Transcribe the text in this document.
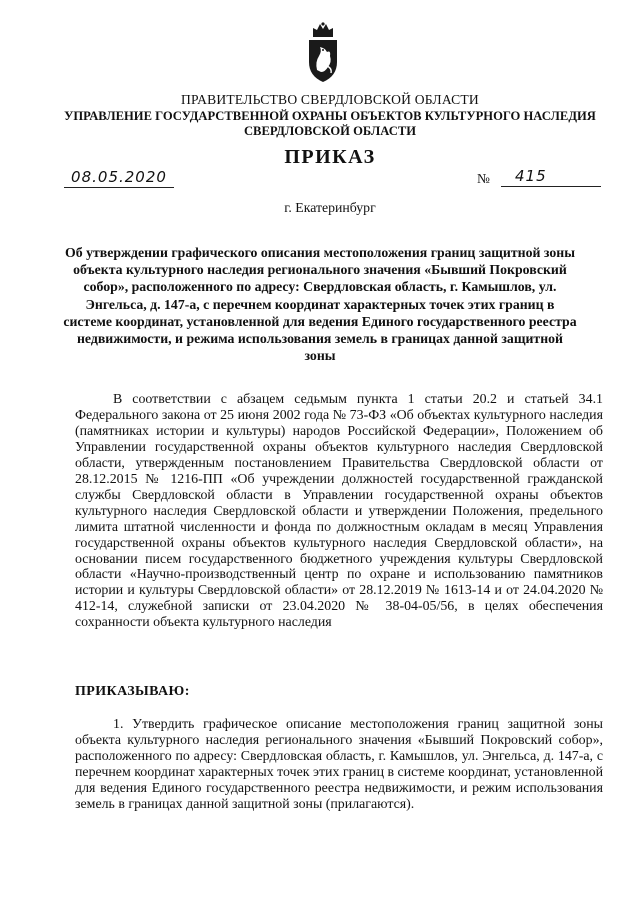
ПРАВИТЕЛЬСТВО СВЕРДЛОВСКОЙ ОБЛАСТИ
УПРАВЛЕНИЕ ГОСУДАРСТВЕННОЙ ОХРАНЫ ОБЪЕКТОВ КУЛЬТУРНОГО НАСЛЕДИЯ СВЕРДЛОВСКОЙ ОБЛАСТИ
ПРИКАЗ
08.05.2020	№	415
г. Екатеринбург
Об утверждении графического описания местоположения границ защитной зоны объекта культурного наследия регионального значения «Бывший Покровский собор», расположенного по адресу: Свердловская область, г. Камышлов, ул. Энгельса, д. 147-а, с перечнем координат характерных точек этих границ в системе координат, установленной для ведения Единого государственного реестра недвижимости, и режима использования земель в границах данной защитной зоны
В соответствии с абзацем седьмым пункта 1 статьи 20.2 и статьей 34.1 Федерального закона от 25 июня 2002 года № 73-ФЗ «Об объектах культурного наследия (памятниках истории и культуры) народов Российской Федерации», Положением об Управлении государственной охраны объектов культурного наследия Свердловской области, утвержденным постановлением Правительства Свердловской области от 28.12.2015 № 1216-ПП «Об учреждении должностей государственной гражданской службы Свердловской области в Управлении государственной охраны объектов культурного наследия Свердловской области и утверждении Положения, предельного лимита штатной численности и фонда по должностным окладам в месяц Управления государственной охраны объектов культурного наследия Свердловской области», на основании писем государственного бюджетного учреждения культуры Свердловской области «Научно-производственный центр по охране и использованию памятников истории и культуры Свердловской области» от 28.12.2019 № 1613-14 и от 24.04.2020 № 412-14, служебной записки от 23.04.2020 № 38-04-05/56, в целях обеспечения сохранности объекта культурного наследия
ПРИКАЗЫВАЮ:
1. Утвердить графическое описание местоположения границ защитной зоны объекта культурного наследия регионального значения «Бывший Покровский собор», расположенного по адресу: Свердловская область, г. Камышлов, ул. Энгельса, д. 147-а, с перечнем координат характерных точек этих границ в системе координат, установленной для ведения Единого государственного реестра недвижимости, и режим использования земель в границах данной защитной зоны (прилагаются).
